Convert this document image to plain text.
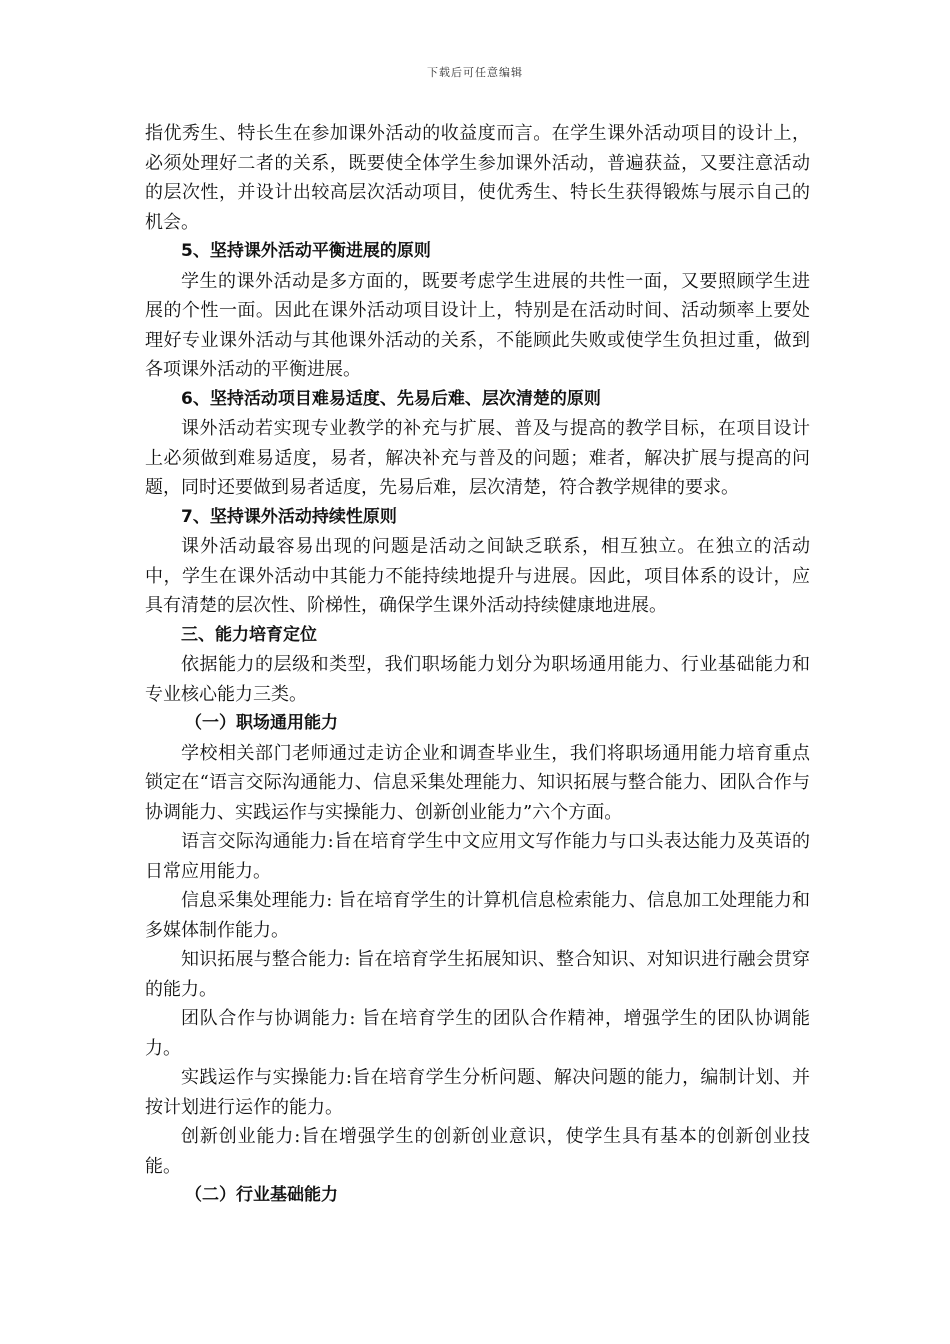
下载后可任意编辑

指优秀生、特长生在参加课外活动的收益度而言。在学生课外活动项目的设计上，必须处理好二者的关系，既要使全体学生参加课外活动，普遍获益，又要注意活动的层次性，并设计出较高层次活动项目，使优秀生、特长生获得锻炼与展示自己的机会。

5、坚持课外活动平衡进展的原则

学生的课外活动是多方面的，既要考虑学生进展的共性一面，又要照顾学生进展的个性一面。因此在课外活动项目设计上，特别是在活动时间、活动频率上要处理好专业课外活动与其他课外活动的关系，不能顾此失败或使学生负担过重，做到各项课外活动的平衡进展。

6、坚持活动项目难易适度、先易后难、层次清楚的原则

课外活动若实现专业教学的补充与扩展、普及与提高的教学目标，在项目设计上必须做到难易适度，易者，解决补充与普及的问题；难者，解决扩展与提高的问题，同时还要做到易者适度，先易后难，层次清楚，符合教学规律的要求。

7、坚持课外活动持续性原则

课外活动最容易出现的问题是活动之间缺乏联系，相互独立。在独立的活动中，学生在课外活动中其能力不能持续地提升与进展。因此，项目体系的设计，应具有清楚的层次性、阶梯性，确保学生课外活动持续健康地进展。

三、能力培育定位

依据能力的层级和类型，我们职场能力划分为职场通用能力、行业基础能力和专业核心能力三类。

（一）职场通用能力

学校相关部门老师通过走访企业和调查毕业生，我们将职场通用能力培育重点锁定在“语言交际沟通能力、信息采集处理能力、知识拓展与整合能力、团队合作与协调能力、实践运作与实操能力、创新创业能力”六个方面。

语言交际沟通能力:旨在培育学生中文应用文写作能力与口头表达能力及英语的日常应用能力。

信息采集处理能力: 旨在培育学生的计算机信息检索能力、信息加工处理能力和多媒体制作能力。

知识拓展与整合能力: 旨在培育学生拓展知识、整合知识、对知识进行融会贯穿的能力。

团队合作与协调能力: 旨在培育学生的团队合作精神，增强学生的团队协调能力。

实践运作与实操能力:旨在培育学生分析问题、解决问题的能力，编制计划、并按计划进行运作的能力。

创新创业能力:旨在增强学生的创新创业意识，使学生具有基本的创新创业技能。

（二）行业基础能力
